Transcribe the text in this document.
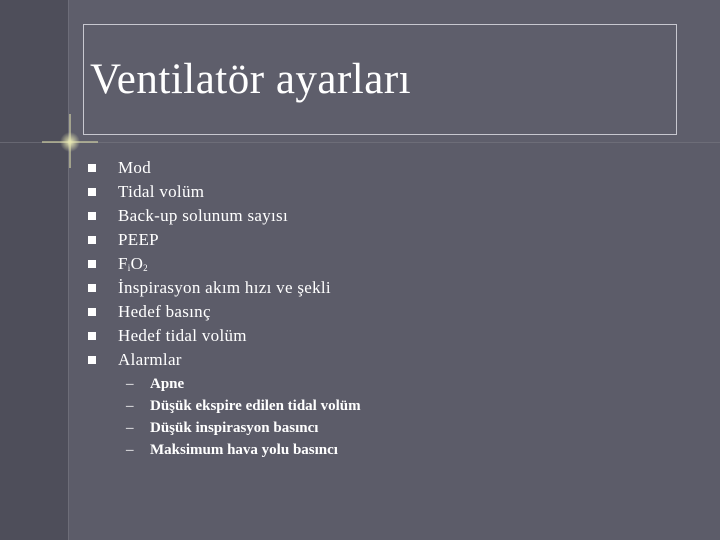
Ventilatör ayarları
Mod
Tidal volüm
Back-up solunum sayısı
PEEP
$F_iO_2$
İnspirasyon akım hızı ve şekli
Hedef basınç
Hedef tidal volüm
Alarmlar
– Apne
– Düşük ekspire edilen tidal volüm
– Düşük inspirasyon basıncı
– Maksimum hava yolu basıncı
